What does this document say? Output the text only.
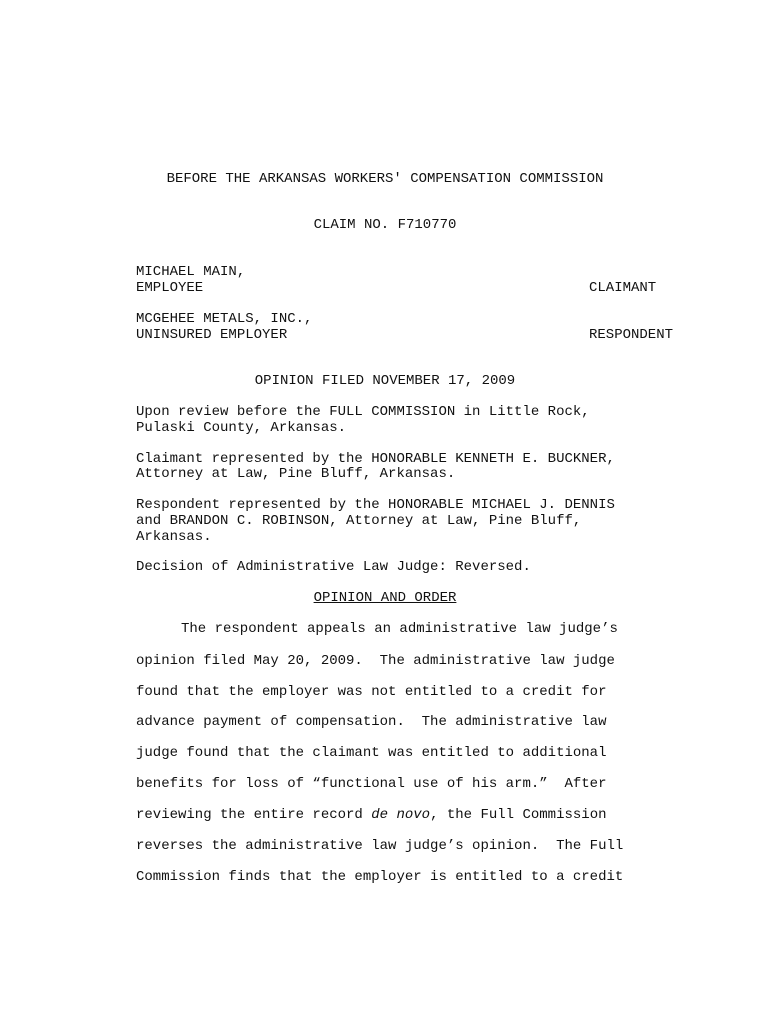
BEFORE THE ARKANSAS WORKERS' COMPENSATION COMMISSION
CLAIM NO. F710770
MICHAEL MAIN,
EMPLOYEE	CLAIMANT
MCGEHEE METALS, INC.,
UNINSURED EMPLOYER	RESPONDENT
OPINION FILED NOVEMBER 17, 2009
Upon review before the FULL COMMISSION in Little Rock,
Pulaski County, Arkansas.
Claimant represented by the HONORABLE KENNETH E. BUCKNER,
Attorney at Law, Pine Bluff, Arkansas.
Respondent represented by the HONORABLE MICHAEL J. DENNIS
and BRANDON C. ROBINSON, Attorney at Law, Pine Bluff,
Arkansas.
Decision of Administrative Law Judge: Reversed.
OPINION AND ORDER
The respondent appeals an administrative law judge’s
opinion filed May 20, 2009.  The administrative law judge
found that the employer was not entitled to a credit for
advance payment of compensation.  The administrative law
judge found that the claimant was entitled to additional
benefits for loss of “functional use of his arm.”  After
reviewing the entire record de novo, the Full Commission
reverses the administrative law judge’s opinion.  The Full
Commission finds that the employer is entitled to a credit
